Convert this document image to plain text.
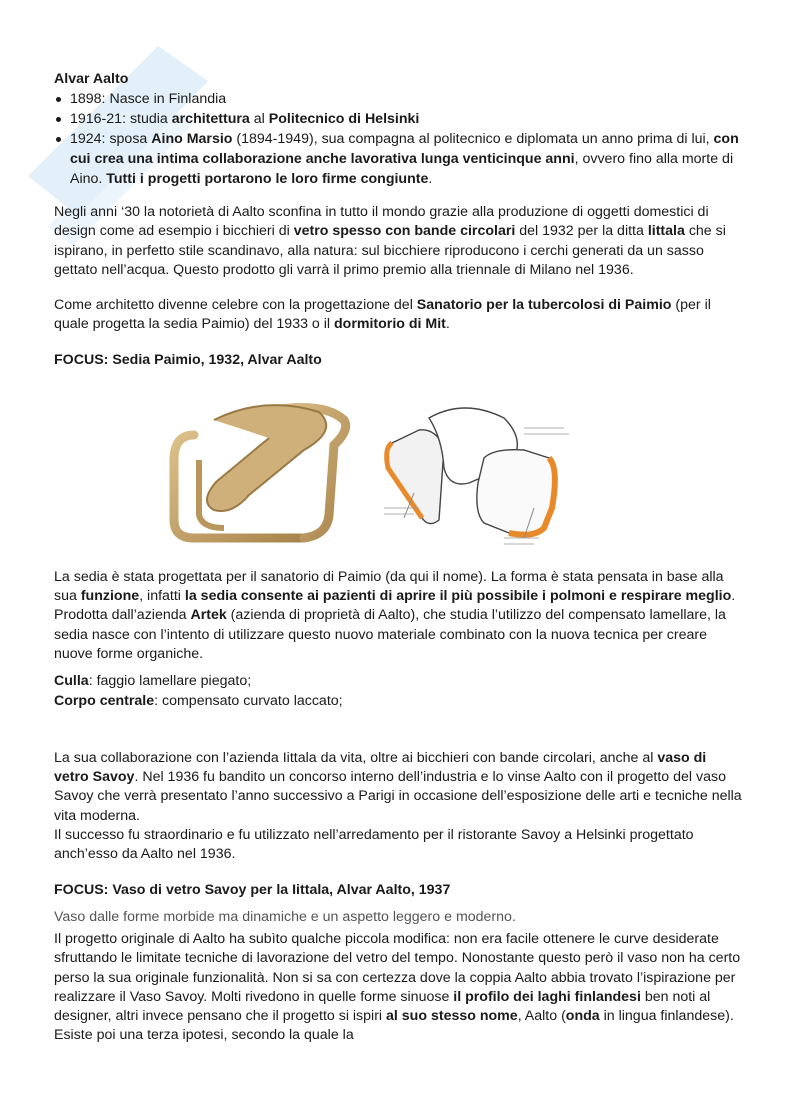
Alvar Aalto
1898: Nasce in Finlandia
1916-21: studia architettura al Politecnico di Helsinki
1924: sposa Aino Marsio (1894-1949), sua compagna al politecnico e diplomata un anno prima di lui, con cui crea una intima collaborazione anche lavorativa lunga venticinque anni, ovvero fino alla morte di Aino. Tutti i progetti portarono le loro firme congiunte.

Negli anni ‘30 la notorietà di Aalto sconfina in tutto il mondo grazie alla produzione di oggetti domestici di design come ad esempio i bicchieri di vetro spesso con bande circolari del 1932 per la ditta littala che si ispirano, in perfetto stile scandinavo, alla natura: sul bicchiere riproducono i cerchi generati da un sasso gettato nell’acqua. Questo prodotto gli varrà il primo premio alla triennale di Milano nel 1936.

Come architetto divenne celebre con la progettazione del Sanatorio per la tubercolosi di Paimio (per il quale progetta la sedia Paimio) del 1933 o il dormitorio di Mit.

FOCUS: Sedia Paimio, 1932, Alvar Aalto

La sedia è stata progettata per il sanatorio di Paimio (da qui il nome). La forma è stata pensata in base alla sua funzione, infatti la sedia consente ai pazienti di aprire il più possibile i polmoni e respirare meglio. Prodotta dall’azienda Artek (azienda di proprietà di Aalto), che studia l’utilizzo del compensato lamellare, la sedia nasce con l’intento di utilizzare questo nuovo materiale combinato con la nuova tecnica per creare nuove forme organiche.

Culla: faggio lamellare piegato;

Corpo centrale: compensato curvato laccato;

La sua collaborazione con l’azienda Iittala da vita, oltre ai bicchieri con bande circolari, anche al vaso di vetro Savoy. Nel 1936 fu bandito un concorso interno dell’industria e lo vinse Aalto con il progetto del vaso Savoy che verrà presentato l’anno successivo a Parigi in occasione dell’esposizione delle arti e tecniche nella vita moderna.

Il successo fu straordinario e fu utilizzato nell’arredamento per il ristorante Savoy a Helsinki progettato anch’esso da Aalto nel 1936.

FOCUS: Vaso di vetro Savoy per la Iittala, Alvar Aalto, 1937

Vaso dalle forme morbide ma dinamiche e un aspetto leggero e moderno.

Il progetto originale di Aalto ha subìto qualche piccola modifica: non era facile ottenere le curve desiderate sfruttando le limitate tecniche di lavorazione del vetro del tempo. Nonostante questo però il vaso non ha certo perso la sua originale funzionalità. Non si sa con certezza dove la coppia Aalto abbia trovato l’ispirazione per realizzare il Vaso Savoy. Molti rivedono in quelle forme sinuose il profilo dei laghi finlandesi ben noti al designer, altri invece pensano che il progetto si ispiri al suo stesso nome, Aalto (onda in lingua finlandese). Esiste poi una terza ipotesi, secondo la quale la
